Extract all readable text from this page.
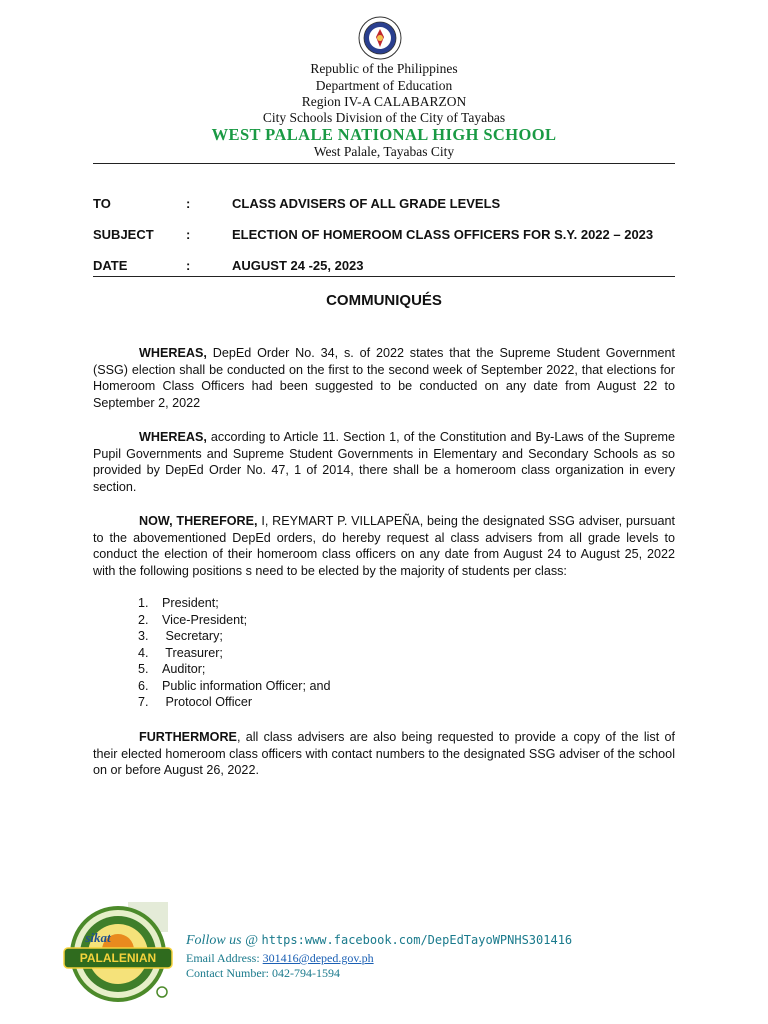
Republic of the Philippines
Department of Education
Region IV-A CALABARZON
City Schools Division of the City of Tayabas
WEST PALALE NATIONAL HIGH SCHOOL
West Palale, Tayabas City
TO	:	CLASS ADVISERS OF ALL GRADE LEVELS
SUBJECT :	ELECTION OF HOMEROOM CLASS OFFICERS FOR S.Y. 2022 – 2023
DATE	:	AUGUST 24 -25, 2023
COMMUNIQUÉS

WHEREAS, DepEd Order No. 34, s. of 2022 states that the Supreme Student Government (SSG) election shall be conducted on the first to the second week of September 2022, that elections for Homeroom Class Officers had been suggested to be conducted on any date from August 22 to September 2, 2022

WHEREAS, according to Article 11. Section 1, of the Constitution and By-Laws of the Supreme Pupil Governments and Supreme Student Governments in Elementary and Secondary Schools as so provided by DepEd Order No. 47, 1 of 2014, there shall be a homeroom class organization in every section.

NOW, THEREFORE, I, REYMART P. VILLAPEÑA, being the designated SSG adviser, pursuant to the abovementioned DepEd orders, do hereby request al class advisers from all grade levels to conduct the election of their homeroom class officers on any date from August 24 to August 25, 2022 with the following positions s need to be elected by the majority of students per class:

1. President;
2. Vice-President;
3. Secretary;
4. Treasurer;
5. Auditor;
6. Public information Officer; and
7. Protocol Officer

FURTHERMORE, all class advisers are also being requested to provide a copy of the list of their elected homeroom class officers with contact numbers to the designated SSG adviser of the school on or before August 26, 2022.

PALALENIAN
sikat	Follow us @ https:www.facebook.com/DepEdTayoWPNHS301416
Email Address: 301416@deped.gov.ph
Contact Number: 042-794-1594
